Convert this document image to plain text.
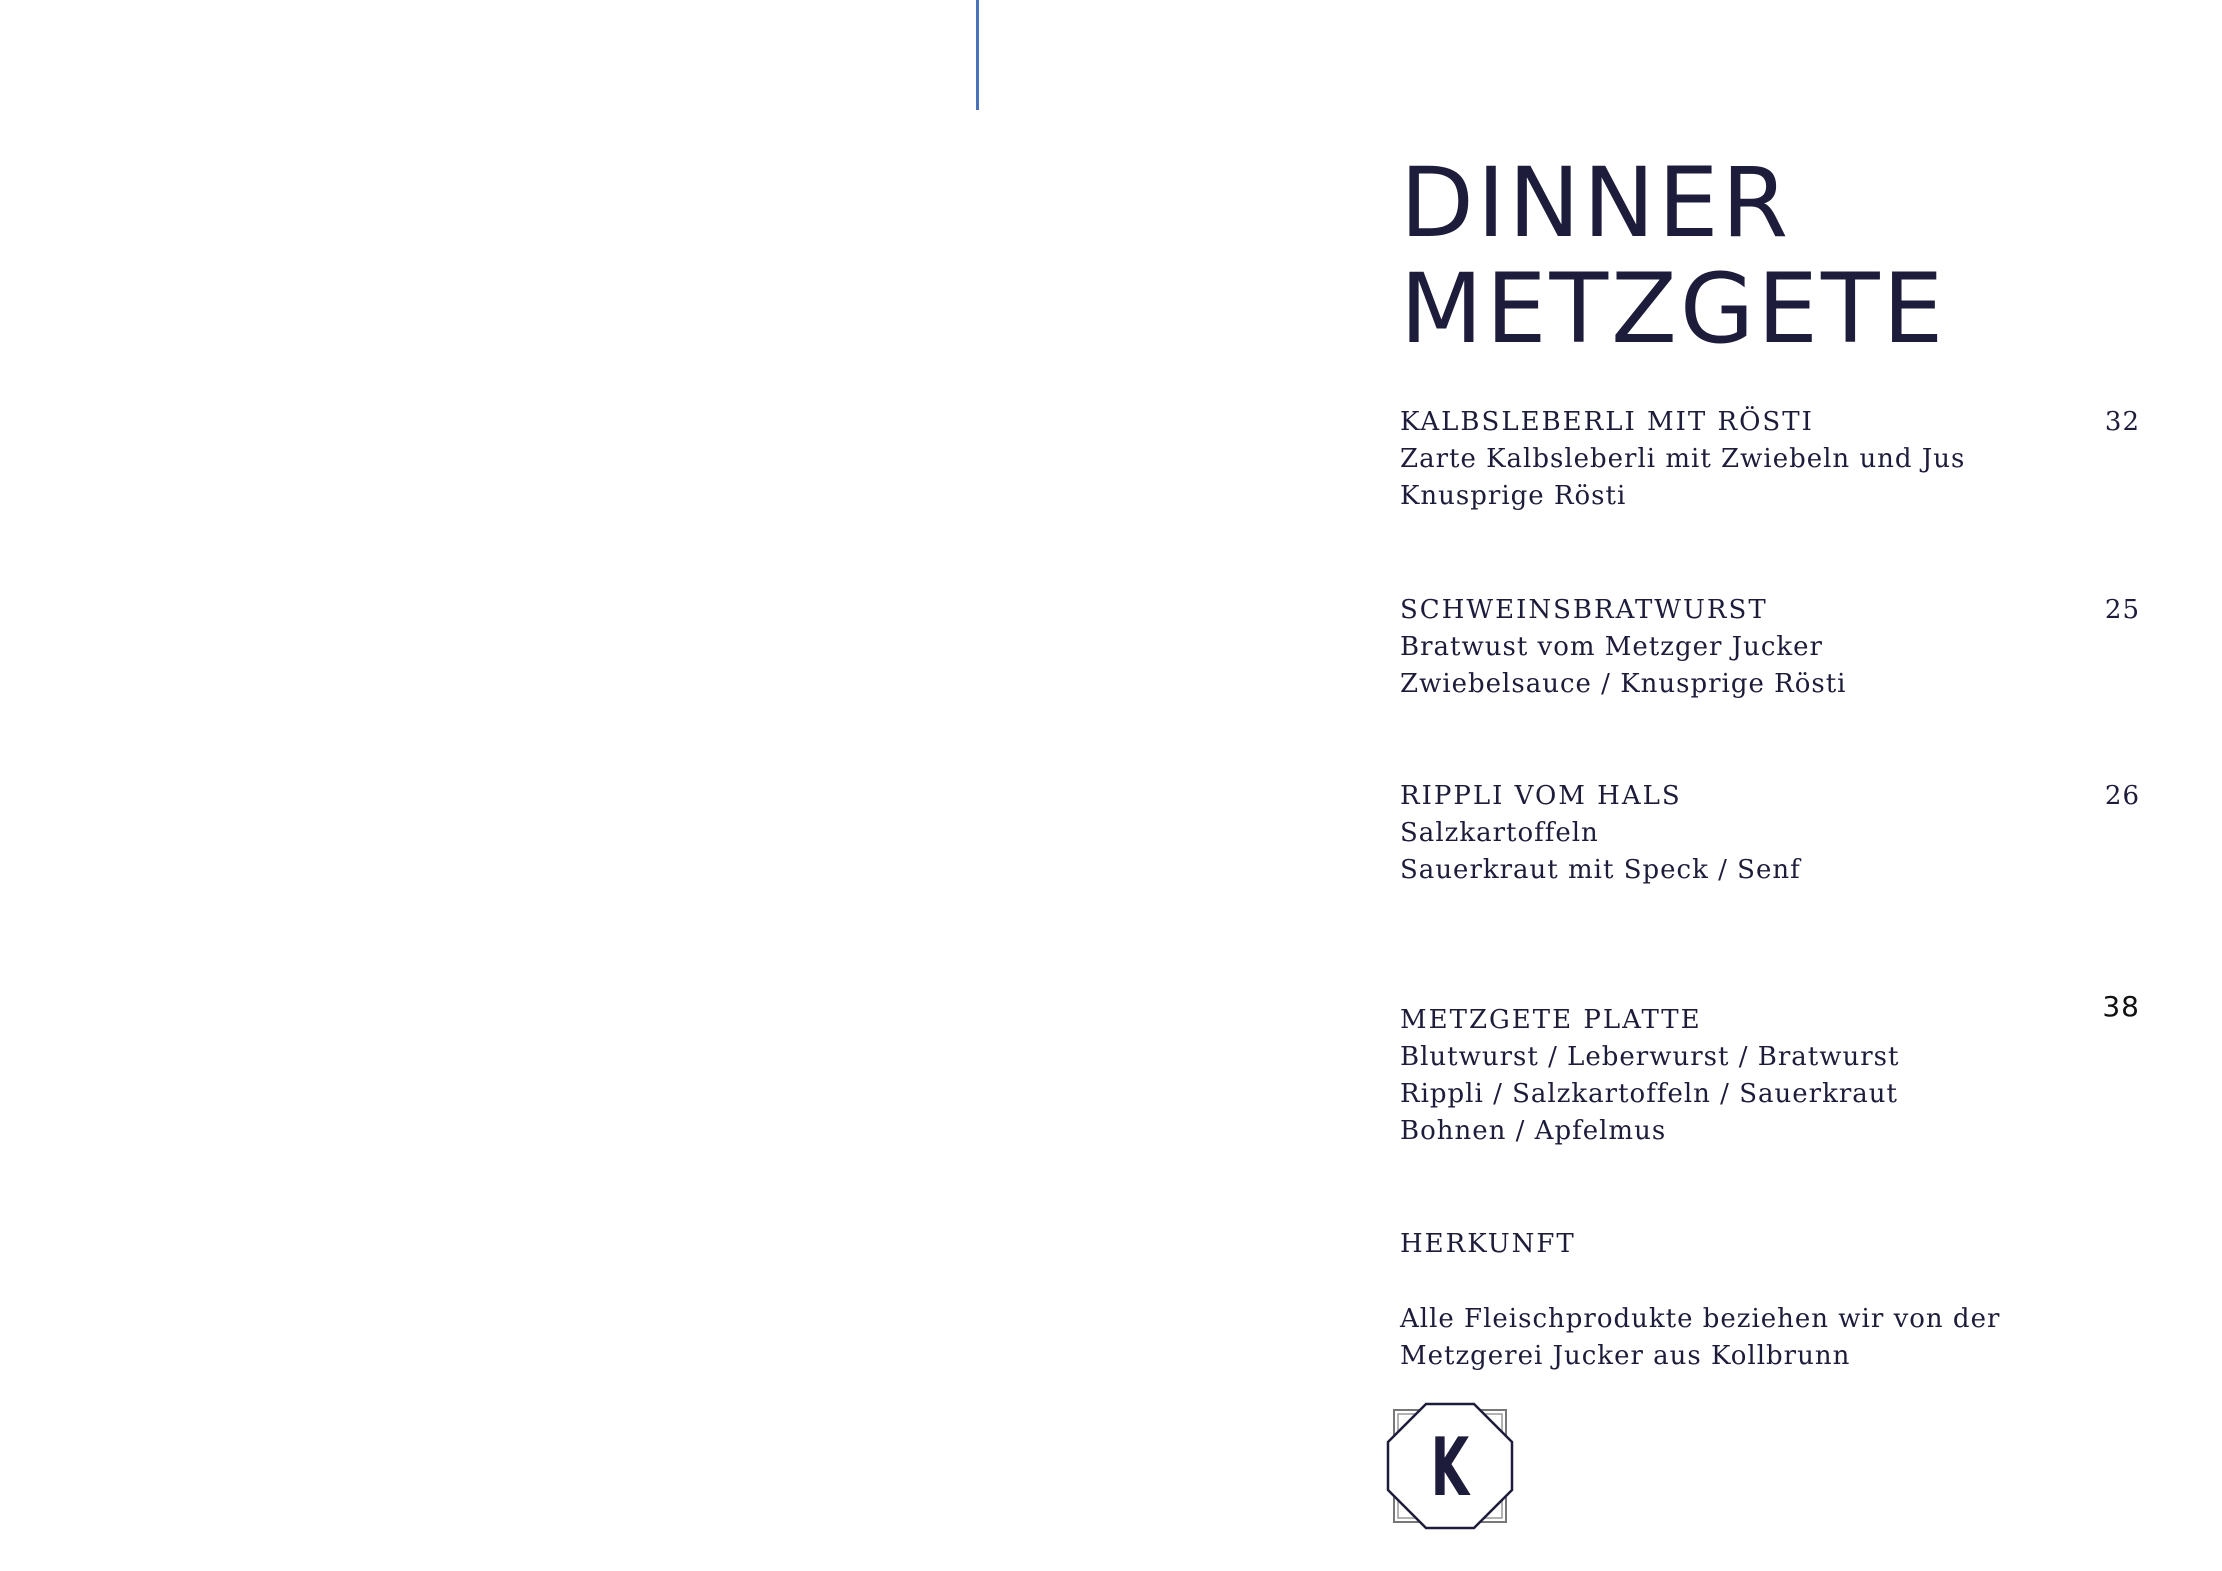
DINNER
METZGETE
KALBSLEBERLI MIT RÖSTI	32
Zarte Kalbsleberli mit Zwiebeln und Jus
Knusprige Rösti
SCHWEINSBRATWURST	25
Bratwust vom Metzger Jucker
Zwiebelsauce / Knusprige Rösti
RIPPLI VOM HALS	26
Salzkartoffeln
Sauerkraut mit Speck / Senf
METZGETE PLATTE	38
Blutwurst / Leberwurst / Bratwurst
Rippli / Salzkartoffeln / Sauerkraut
Bohnen / Apfelmus
HERKUNFT
Alle Fleischprodukte beziehen wir von der
Metzgerei Jucker aus Kollbrunn
K
